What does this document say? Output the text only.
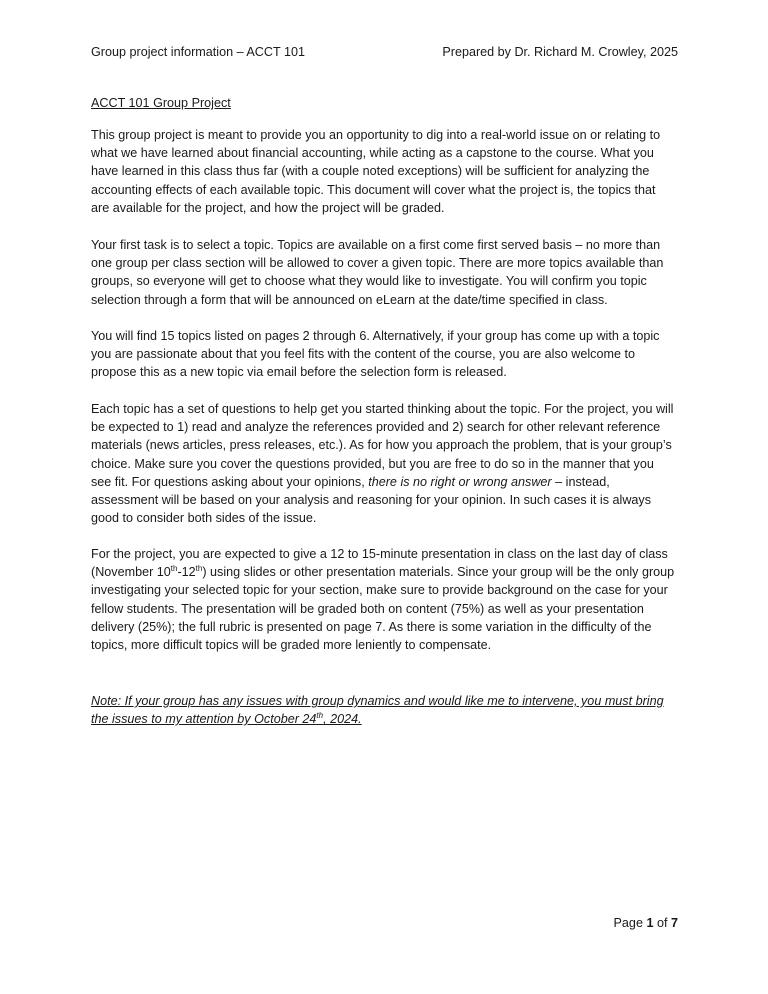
Group project information – ACCT 101	Prepared by Dr. Richard M. Crowley, 2025
ACCT 101 Group Project

This group project is meant to provide you an opportunity to dig into a real-world issue on or relating to what we have learned about financial accounting, while acting as a capstone to the course. What you have learned in this class thus far (with a couple noted exceptions) will be sufficient for analyzing the accounting effects of each available topic. This document will cover what the project is, the topics that are available for the project, and how the project will be graded.

Your first task is to select a topic. Topics are available on a first come first served basis – no more than one group per class section will be allowed to cover a given topic. There are more topics available than groups, so everyone will get to choose what they would like to investigate. You will confirm you topic selection through a form that will be announced on eLearn at the date/time specified in class.

You will find 15 topics listed on pages 2 through 6. Alternatively, if your group has come up with a topic you are passionate about that you feel fits with the content of the course, you are also welcome to propose this as a new topic via email before the selection form is released.

Each topic has a set of questions to help get you started thinking about the topic. For the project, you will be expected to 1) read and analyze the references provided and 2) search for other relevant reference materials (news articles, press releases, etc.). As for how you approach the problem, that is your group’s choice. Make sure you cover the questions provided, but you are free to do so in the manner that you see fit. For questions asking about your opinions, there is no right or wrong answer – instead, assessment will be based on your analysis and reasoning for your opinion. In such cases it is always good to consider both sides of the issue.

For the project, you are expected to give a 12 to 15-minute presentation in class on the last day of class (November 10th-12th) using slides or other presentation materials. Since your group will be the only group investigating your selected topic for your section, make sure to provide background on the case for your fellow students. The presentation will be graded both on content (75%) as well as your presentation delivery (25%); the full rubric is presented on page 7. As there is some variation in the difficulty of the topics, more difficult topics will be graded more leniently to compensate.

Note: If your group has any issues with group dynamics and would like me to intervene, you must bring the issues to my attention by October 24th, 2024.

Page 1 of 7
